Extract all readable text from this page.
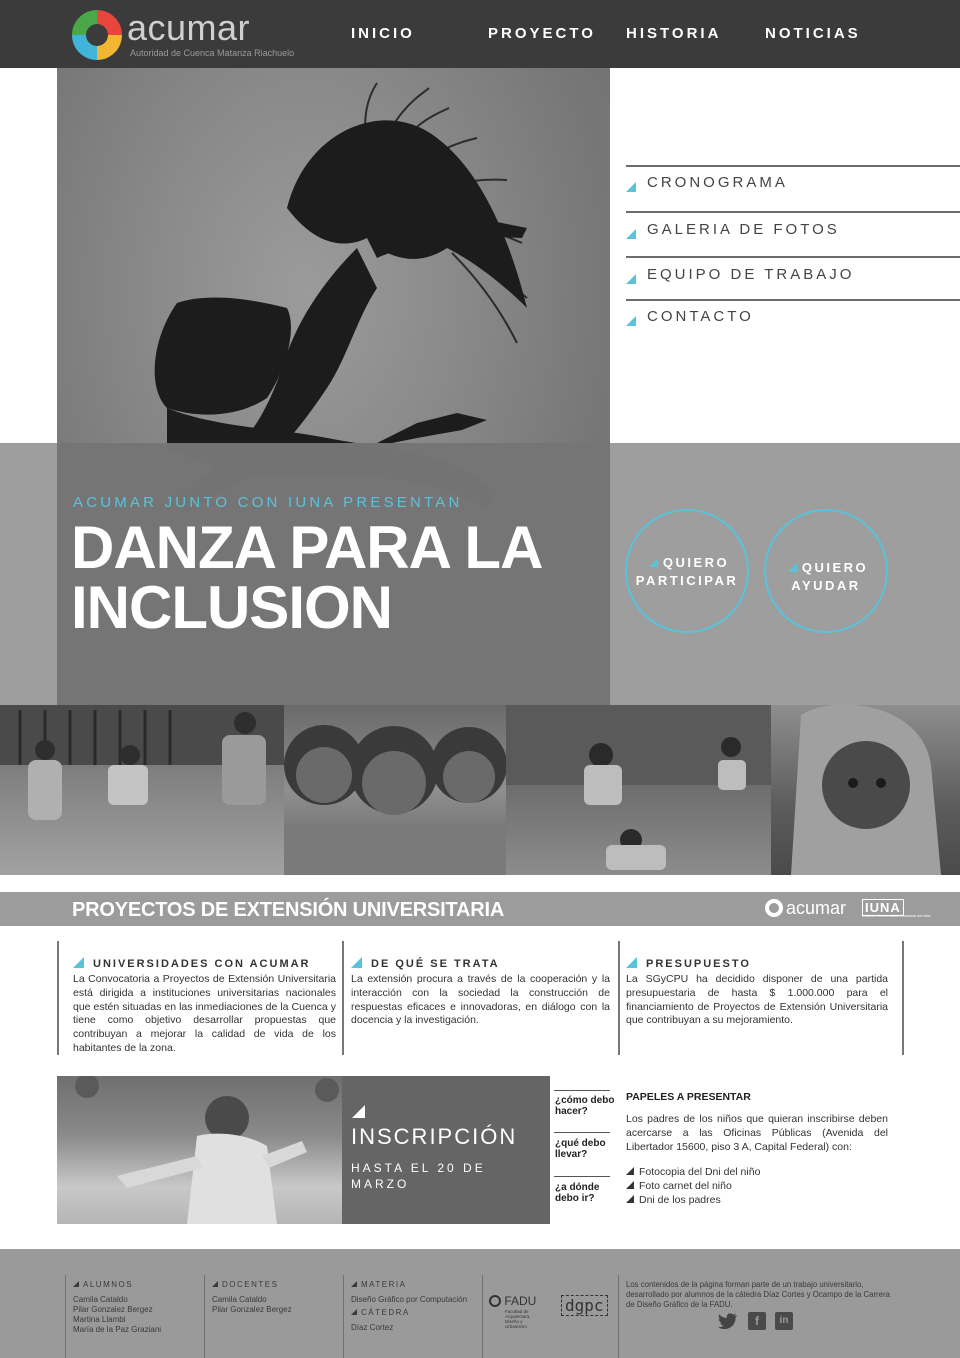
acumar
Autoridad de Cuenca Matanza Riachuelo
INICIO	PROYECTO HISTORIA	NOTICIAS
ACUMAR JUNTO CON IUNA PRESENTAN
DANZA PARA LA
INCLUSION
CRONOGRAMA
GALERIA DE FOTOS
EQUIPO DE TRABAJO
CONTACTO
QUIERO
PARTICIPAR
QUIERO
AYUDAR
PROYECTOS DE EXTENSIÓN UNIVERSITARIA	acumar IUNA
Instituto Universitario Nacional del Arte
UNIVERSIDADES CON ACUMAR
La Convocatoria a Proyectos de Extensión Universitaria está dirigida a instituciones universitarias nacionales que estén situadas en las inmediaciones de la Cuenca y tiene como objetivo desarrollar propuestas que contribuyan a mejorar la calidad de vida de los habitantes de la zona.
DE QUÉ SE TRATA
La extensión procura a través de la cooperación y la interacción con la sociedad la construcción de respuestas eficaces e innovadoras, en diálogo con la docencia y la investigación.
PRESUPUESTO
La SGyCPU ha decidido disponer de una partida presupuestaria de hasta $ 1.000.000 para el financiamiento de Proyectos de Extensión Universitaria que contribuyan a su mejoramiento.
INSCRIPCIÓN
HASTA EL 20 DE MARZO
¿cómo debo hacer?
¿qué debo llevar?
¿a dónde debo ir?
PAPELES A PRESENTAR
Los padres de los niños que quieran inscribirse deben acercarse a las Oficinas Públicas (Avenida del Libertador 15600, piso 3 A, Capital Federal) con:
Fotocopia del Dni del niño
Foto carnet del niño
Dni de los padres
ALUMNOS
Camila Cataldo
Pilar Gonzalez Bergez
Martina Llambi
María de la Paz Graziani
DOCENTES
Camila Cataldo
Pilar Gonzalez Bergez
MATERIA
Diseño Gráfico por Computación
CÁTEDRA
Díaz Cortez
FADU
Facultad de Arquitectura, Diseño y Urbanismo
dgpc
Los contenidos de la página forman parte de un trabajo universitario, desarrollado por alumnos de la cátedra Díaz Cortes y Ocampo de la Carrera de Diseño Gráfico de la FADU.
f	in
